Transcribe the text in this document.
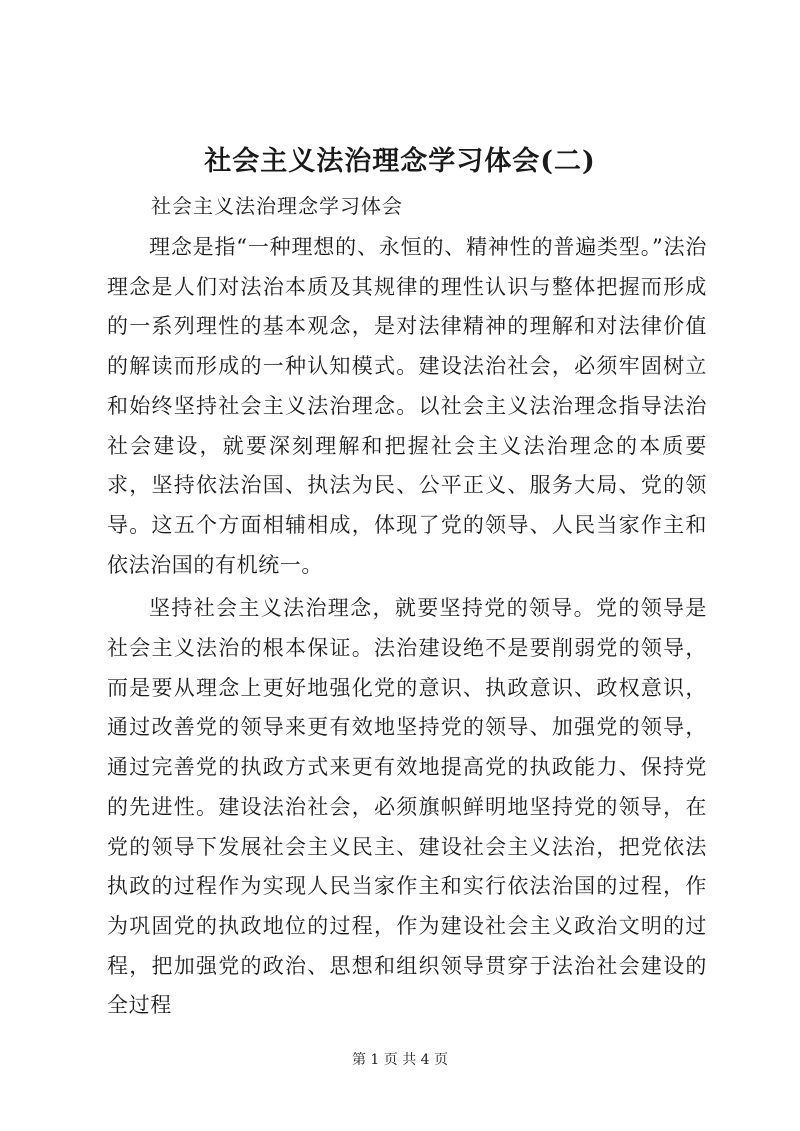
社会主义法治理念学习体会(二)

社会主义法治理念学习体会

理念是指“一种理想的、永恒的、精神性的普遍类型。”法治理念是人们对法治本质及其规律的理性认识与整体把握而形成的一系列理性的基本观念，是对法律精神的理解和对法律价值的解读而形成的一种认知模式。建设法治社会，必须牢固树立和始终坚持社会主义法治理念。以社会主义法治理念指导法治社会建设，就要深刻理解和把握社会主义法治理念的本质要求，坚持依法治国、执法为民、公平正义、服务大局、党的领导。这五个方面相辅相成，体现了党的领导、人民当家作主和依法治国的有机统一。

坚持社会主义法治理念，就要坚持党的领导。党的领导是社会主义法治的根本保证。法治建设绝不是要削弱党的领导，而是要从理念上更好地强化党的意识、执政意识、政权意识，通过改善党的领导来更有效地坚持党的领导、加强党的领导，通过完善党的执政方式来更有效地提高党的执政能力、保持党的先进性。建设法治社会，必须旗帜鲜明地坚持党的领导，在党的领导下发展社会主义民主、建设社会主义法治，把党依法执政的过程作为实现人民当家作主和实行依法治国的过程，作为巩固党的执政地位的过程，作为建设社会主义政治文明的过程，把加强党的政治、思想和组织领导贯穿于法治社会建设的全过程

第 1 页 共 4 页
